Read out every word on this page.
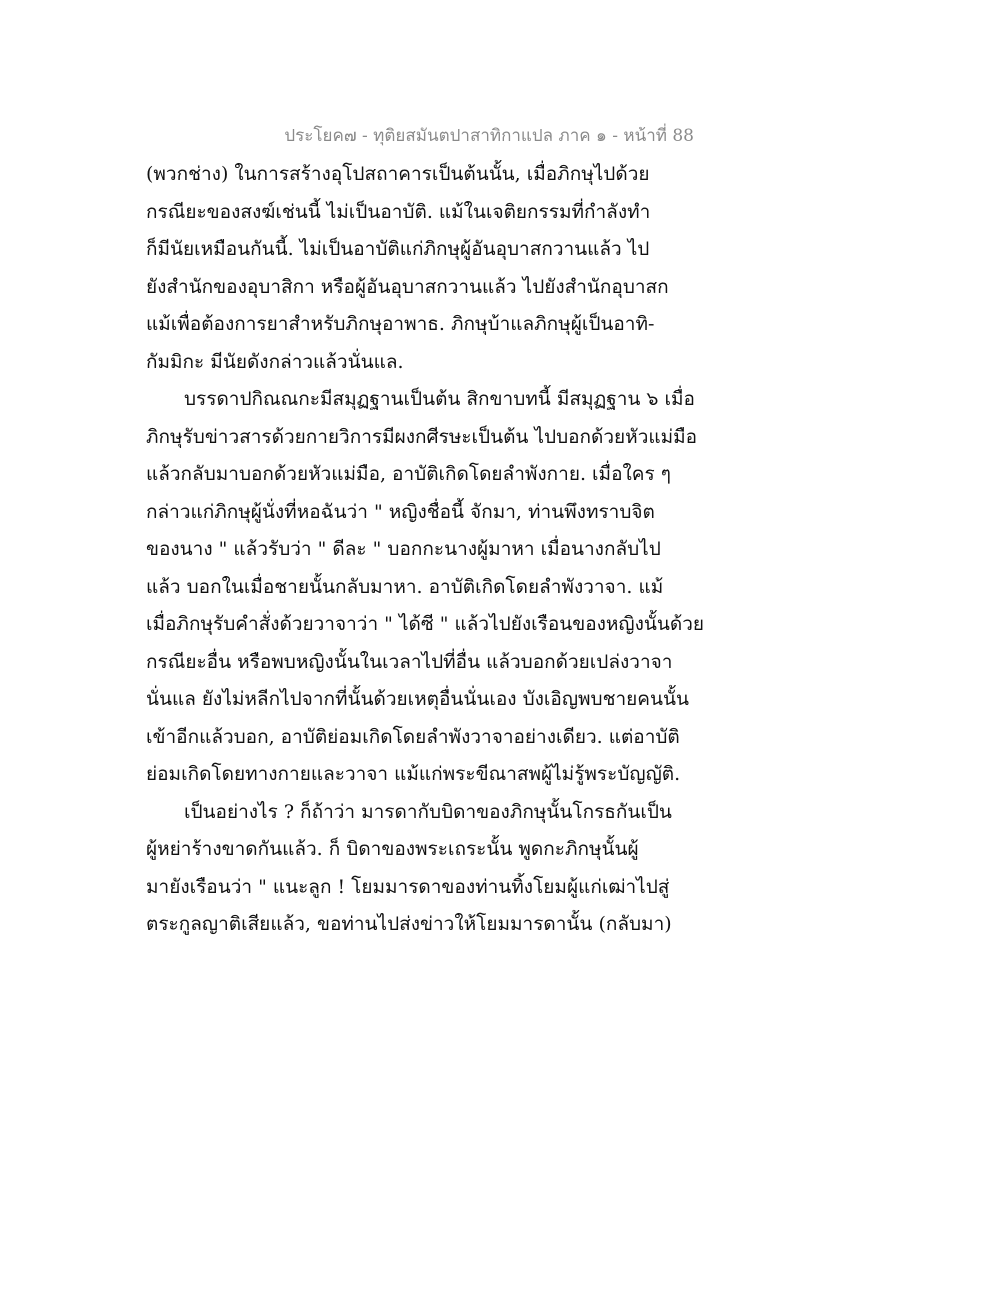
ประโยค๗ - ทุติยสมันตปาสาทิกาแปล ภาค ๑ - หน้าที่ 88
(พวกช่าง) ในการสร้างอุโปสถาคารเป็นต้นนั้น, เมื่อภิกษุไปด้วย
กรณียะของสงฆ์เช่นนี้ ไม่เป็นอาบัติ. แม้ในเจติยกรรมที่กำลังทำ
ก็มีนัยเหมือนกันนี้. ไม่เป็นอาบัติแก่ภิกษุผู้อันอุบาสกวานแล้ว ไป
ยังสำนักของอุบาสิกา หรือผู้อันอุบาสกวานแล้ว ไปยังสำนักอุบาสก
แม้เพื่อต้องการยาสำหรับภิกษุอาพาธ. ภิกษุบ้าแลภิกษุผู้เป็นอาทิ-
กัมมิกะ มีนัยดังกล่าวแล้วนั่นแล.
บรรดาปกิณณกะมีสมุฏฐานเป็นต้น สิกขาบทนี้ มีสมุฏฐาน ๖ เมื่อ
ภิกษุรับข่าวสารด้วยกายวิการมีผงกศีรษะเป็นต้น ไปบอกด้วยหัวแม่มือ
แล้วกลับมาบอกด้วยหัวแม่มือ, อาบัติเกิดโดยลำพังกาย. เมื่อใคร ๆ
กล่าวแก่ภิกษุผู้นั่งที่หอฉันว่า " หญิงชื่อนี้ จักมา, ท่านพึงทราบจิต
ของนาง " แล้วรับว่า " ดีละ " บอกกะนางผู้มาหา เมื่อนางกลับไป
แล้ว บอกในเมื่อชายนั้นกลับมาหา. อาบัติเกิดโดยลำพังวาจา. แม้
เมื่อภิกษุรับคำสั่งด้วยวาจาว่า " ได้ซี " แล้วไปยังเรือนของหญิงนั้นด้วย
กรณียะอื่น หรือพบหญิงนั้นในเวลาไปที่อื่น แล้วบอกด้วยเปล่งวาจา
นั่นแล ยังไม่หลีกไปจากที่นั้นด้วยเหตุอื่นนั่นเอง บังเอิญพบชายคนนั้น
เข้าอีกแล้วบอก, อาบัติย่อมเกิดโดยลำพังวาจาอย่างเดียว. แต่อาบัติ
ย่อมเกิดโดยทางกายและวาจา แม้แก่พระขีณาสพผู้ไม่รู้พระบัญญัติ.
เป็นอย่างไร ? ก็ถ้าว่า มารดากับบิดาของภิกษุนั้นโกรธกันเป็น
ผู้หย่าร้างขาดกันแล้ว. ก็ บิดาของพระเถระนั้น พูดกะภิกษุนั้นผู้
มายังเรือนว่า " แนะลูก ! โยมมารดาของท่านทิ้งโยมผู้แก่เฒ่าไปสู่
ตระกูลญาติเสียแล้ว, ขอท่านไปส่งข่าวให้โยมมารดานั้น (กลับมา)
